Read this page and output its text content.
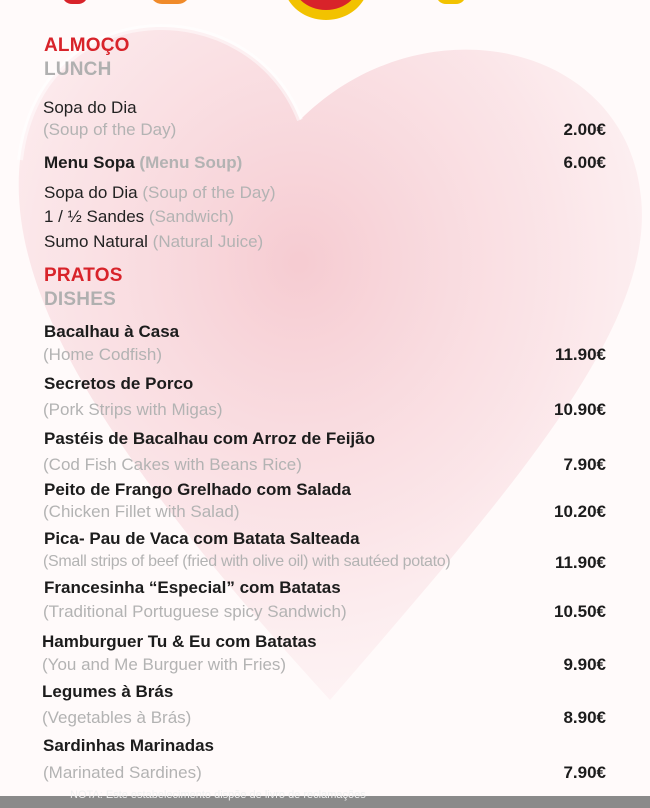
ALMOÇO
LUNCH
Sopa do Dia
(Soup of the Day)	2.00€
Menu Sopa (Menu Soup)	6.00€
Sopa do Dia (Soup of the Day)
1 / ½ Sandes (Sandwich)
Sumo Natural (Natural Juice)
PRATOS
DISHES
Bacalhau à Casa
(Home Codfish)	11.90€
Secretos de Porco
(Pork Strips with Migas)	10.90€
Pastéis de Bacalhau com Arroz de Feijão
(Cod Fish Cakes with Beans Rice)	7.90€
Peito de Frango Grelhado com Salada
(Chicken Fillet with Salad)	10.20€
Pica- Pau de Vaca com Batata Salteada
(Small strips of beef (fried with olive oil) with sautéed potato)	11.90€
Francesinha “Especial” com Batatas
(Traditional Portuguese spicy Sandwich)	10.50€
Hamburguer Tu & Eu com Batatas
(You and Me Burguer with Fries)	9.90€
Legumes à Brás
(Vegetables à Brás)	8.90€
Sardinhas Marinadas
(Marinated Sardines)	7.90€
NOTA: Este estabelecimento dispõe de livro de reclamações
